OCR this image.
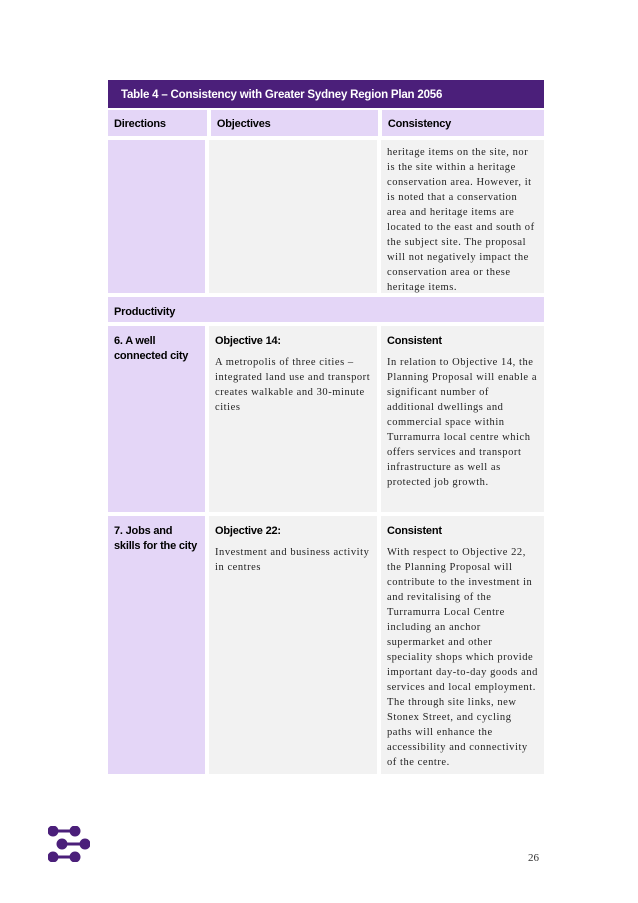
Table 4 – Consistency with Greater Sydney Region Plan 2056
Directions	Objectives	Consistency
heritage items on the site, nor is the site within a heritage conservation area. However, it is noted that a conservation area and heritage items are located to the east and south of the subject site. The proposal will not negatively impact the conservation area or these heritage items.
Productivity
6. A well connected city
Objective 14:
A metropolis of three cities – integrated land use and transport creates walkable and 30-minute cities
Consistent
In relation to Objective 14, the Planning Proposal will enable a significant number of additional dwellings and commercial space within Turramurra local centre which offers services and transport infrastructure as well as protected job growth.
7. Jobs and skills for the city
Objective 22:
Investment and business activity in centres
Consistent
With respect to Objective 22, the Planning Proposal will contribute to the investment in and revitalising of the Turramurra Local Centre including an anchor supermarket and other speciality shops which provide important day-to-day goods and services and local employment. The through site links, new Stonex Street, and cycling paths will enhance the accessibility and connectivity of the centre.
26
